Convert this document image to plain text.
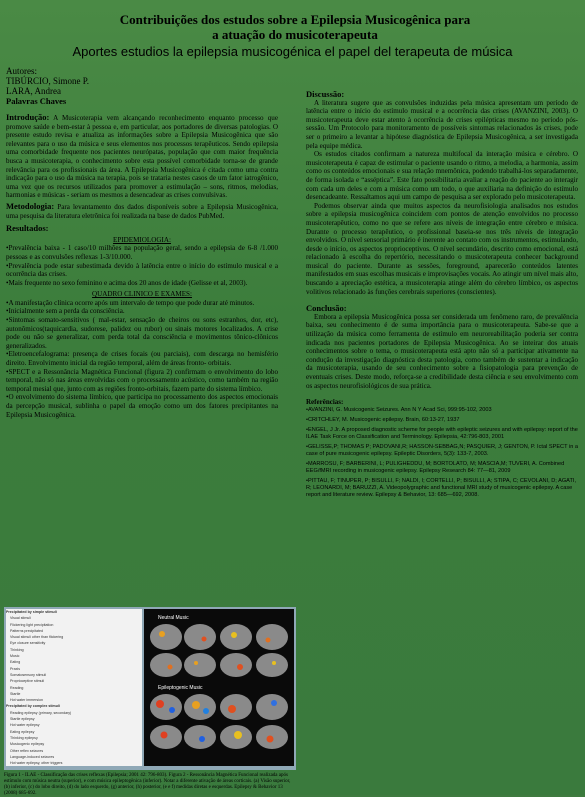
Contribuições dos estudos sobre a Epilepsia Musicogênica para
a atuação do musicoterapeuta
Aportes estudios la epilepsia musicogénica el papel del terapeuta de música
Autores:
TIBÚRCIO, Simone P.
LARA, Andrea
Palavras Chaves

Introdução: A Musicoterapia vem alcançando reconhecimento enquanto processo que promove saúde e bem-estar à pessoa e, em particular, aos portadores de diversas patologias. O presente estudo revisa e atualiza as informações sobre a Epilepsia Musicogênica que são relevantes para o uso da música e seus elementos nos processos terapêuticos. Sendo epilepsia uma comorbidade frequente nos pacientes neurópatas, população que com maior frequência busca a musicoterapia, o conhecimento sobre esta possível comorbidade torna-se de grande relevância para os profissionais da área. A Epilepsia Musicogênica é citada como uma contra indicação para o uso da música na terapia, pois se trataria nestes casos de um fator iatrogênico, uma vez que os recursos utilizados para promover a estimulação – sons, ritmos, melodias, harmonias e músicas - seriam os mesmos a desencadear as crises convulsivas.

Metodologia: Para levantamento dos dados disponíveis sobre a Epilepsia Musicogênica, uma pesquisa da literatura eletrônica foi realizada na base de dados PubMed.

Resultados:

EPIDEMIOLOGIA:

•Prevalência baixa - 1 caso/10 milhões na população geral, sendo a epilepsia de 6-8 /1.000 pessoas e as convulsões reflexas 1-3/10.000.

•Prevalência pode estar subestimada devido à latência entre o início do estímulo musical e a ocorrência das crises.

•Mais frequente no sexo feminino e acima dos 20 anos de idade (Gelisse et al, 2003).

QUADRO CLINICO E EXAMES:

•A manifestação clínica ocorre após um intervalo de tempo que pode durar até minutos.

•Inicialmente sem a perda da consciência.

•Sintomas somato-sensitivos ( mal-estar, sensação de cheiros ou sons estranhos, dor, etc), autonômicos(taquicardia, sudorese, palidez ou rubor) ou sinais motores localizados. A crise pode ou não se generalizar, com perda total da consciência e movimentos tônico-clônicos generalizados.

•Eletroencefalograma: presença de crises focais (ou parciais), com descarga no hemisfério direito. Envolvimento inicial da região temporal, além de áreas fronto- orbitais.

•SPECT e a Ressonância Magnética Funcional (figura 2) confirmam o envolvimento do lobo temporal, não só nas áreas envolvidas com o processamento acústico, como também na região temporal mesial que, junto com as regiões fronto-orbitais, fazem parte do sistema límbico.

•O envolvimento do sistema límbico, que participa no processamento dos aspectos emocionais da percepção musical, sublinha o papel da emoção como um dos fatores precipitantes na Epilepsia Musicogênica.

Precipitated by simple stimuli
Visual stimuli
Flickering light precipitation
Patterns precipitated
Visual stimuli other than flickering
Eye closure sensitivity
Thinking
Music
Eating
Praxis
Somatosensory stimuli
Proprioceptive stimuli
Reading
Startle
Hot water immersion
Precipitated by complex stimuli
Reading epilepsy (primary, secondary)
Startle epilepsy
Hot water epilepsy
Eating epilepsy
Thinking epilepsy
Musicogenic epilepsy
Other reflex seizures
Language-induced seizures
Hot water epilepsy, other triggers
Neutral Music
Epileptogenic Music
Figura 1 - ILAE - Classificação das crises reflexas (Epilepsia; 2001 42: 796-803). Figura 2 - Ressonância Magnética Funcional realizada após estímulo com música neutra (superior), e com música epileptogênica (inferior). Notar a diferente ativação de áreas corticais. (a) Visão superior, (b) inferior, (c) do lobo direito, (d) do lado esquerdo, (g) anterior, (h) posterior, (e e f) medidas diretas e esquerdas. Epilepsy & Behavior 13 (2008) 685-692.

Discussão:

A literatura sugere que as convulsões induzidas pela música apresentam um período de latência entre o início do estímulo musical e a ocorrência das crises (AVANZINI, 2003). O musicoterapeuta deve estar atento à ocorrência de crises epilépticas mesmo no período pós-sessão. Um Protocolo para monitoramento de possíveis sintomas relacionados às crises, pode ser o primeiro a levantar a hipótese diagnóstica de Epilepsia Musicogênica, a ser investigada pela equipe médica.

Os estudos citados confirmam a natureza multifocal da interação música e cérebro. O musicoterapeuta é capaz de estimular o paciente usando o ritmo, a melodia, a harmonia, assim como os conteúdos emocionais e sua relação mnemônica, podendo trabalhá-los separadamente, de forma isolada e “asséptica”. Este fato possibilitaria avaliar a reação do paciente ao interagir com cada um deles e com a música como um todo, o que auxiliaria na definição do estímulo desencadeante. Ressaltamos aqui um campo de pesquisa a ser explorado pelo musicoterapeuta.

Podemos observar ainda que muitos aspectos da neurofisiologia analisados nos estudos sobre a epilepsia musicogênica coincidem com pontos de atenção envolvidos no processo musicoterapêutico, como no que se refere aos níveis de integração entre cérebro e música. Durante o processo terapêutico, o profissional baseia-se nos três níveis de integração envolvidos. O nível sensorial primário é inerente ao contato com os instrumentos, estimulando, desde o início, os aspectos proprioceptivos. O nível secundário, descrito como emocional, está relacionado à escolha do repertório, necessitando o musicoterapeuta conhecer background musical do paciente. Durante as sessões, foreground, aparecerão conteúdos latentes manifestados em suas escolhas musicais e improvisações vocais. Ao atingir um nível mais alto, buscando a apreciação estética, a musicoterapia atinge além do cérebro límbico, os aspectos volitivos relacionado às funções cerebrais superiores (conscientes).

Conclusão:

Embora a epilepsia Musicogênica possa ser considerada um fenômeno raro, de prevalência baixa, seu conhecimento é de suma importância para o musicoterapeuta. Sabe-se que a utilização da música como ferramenta de estímulo em neuroreabilitação poderia ser contra indicada nos pacientes portadores de Epilepsia Musicogênica. Ao se inteirar dos atuais conhecimentos sobre o tema, o musicoterapeuta está apto não só a participar ativamente na condução da investigação diagnóstica desta patologia, como também de sustentar a indicação da musicoterapia, usando de seu conhecimento sobre a fisiopatologia para prevenção de eventuais crises. Deste modo, reforça-se a credibilidade desta ciência e seu envolvimento com os aspectos neurofisiológicos de sua prática.

Referências:

•AVANZINI, G. Musicogenic Seizures. Ann N Y Acad Sci, 999:95-102, 2003

•CRITCHLEY, M. Musicogenic epilepsy. Brain, 60:13-27, 1937

•ENGEL, J Jr. A proposed diagnostic scheme for people with epileptic seizures and with epilepsy: report of the ILAE Task Force on Classification and Terminology. Epilepsia, 42:796-803, 2001

•GELISSE,P; THOMAS P; PADOVANI,R; HASSON-SEBBAG,N; PASQUIER, J; GENTON, P. Ictal SPECT in a case of pure musicogenic epilepsy. Epileptic Disorders, 5(3): 133-7, 2003.

•MARROSU, F; BARBERINI, L; PULIGHEDDU, M; BORTOLATO, M; MASCIA,M; TUVERI, A. Combined EEG/fMRI recording in musicogenic epilepsy. Epilepsy Research 84: 77—81, 2009

•PITTAU, F; TINUPER, P; BISULLI, F; NALDI, I; CORTELLI, P; BISULLI, A; STIPA, C; CEVOLANI, D; AGATI, R; LEONARDI, M; BARUZZI, A. Videopolygraphic and functional MRI study of musicogenic epilepsy. A case report and literature review. Epilepsy & Behavior, 13: 685—692, 2008.
